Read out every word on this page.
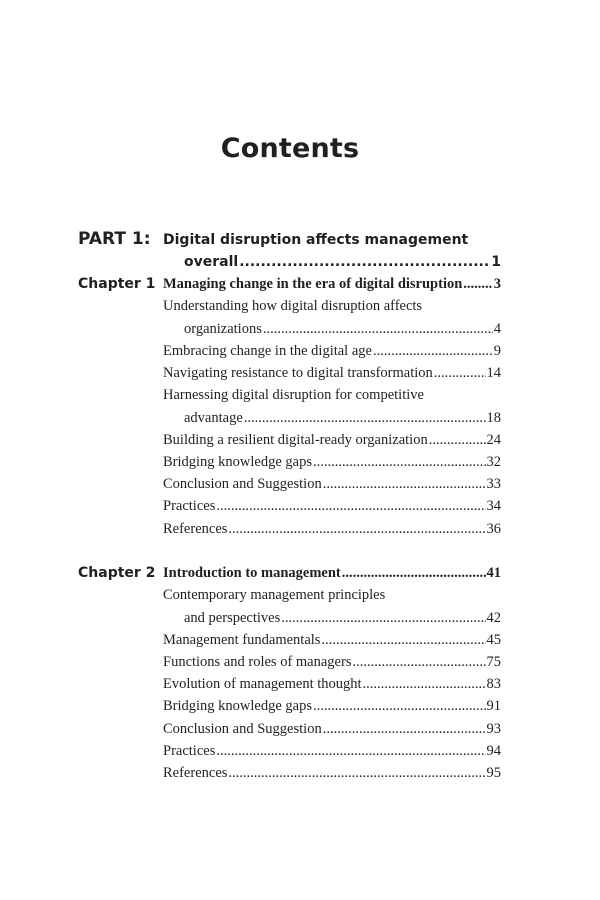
Contents
PART 1: Digital disruption affects management
overall .....	1
Chapter 1 Managing change in the era of digital disruption ..... 3
Understanding how digital disruption affects
organizations .....	4
Embracing change in the digital age .....	9
Navigating resistance to digital transformation .....	14
Harnessing digital disruption for competitive
advantage .....	18
Building a resilient digital-ready organization .....	24
Bridging knowledge gaps .....	32
Conclusion and Suggestion .....	33
Practices .....	34
References .....	36
Chapter 2 Introduction to management .....	41
Contemporary management principles
and perspectives .....	42
Management fundamentals .....	45
Functions and roles of managers .....	75
Evolution of management thought .....	83
Bridging knowledge gaps .....	91
Conclusion and Suggestion .....	93
Practices .....	94
References .....	95
